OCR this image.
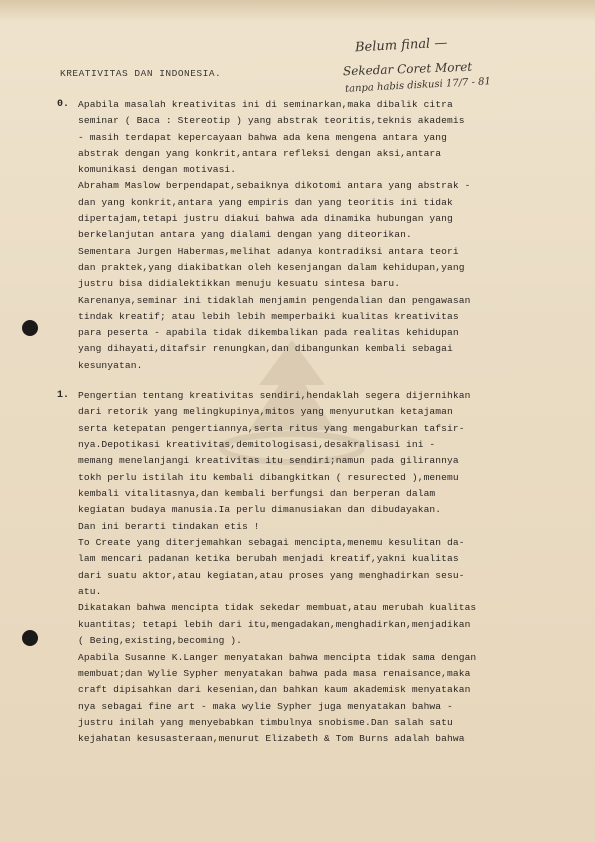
Belum final —
Sekedar Coret Moret
tanpa habis diskusi 17/7 - 81
KREATIVITAS DAN INDONESIA.
0. Apabila masalah kreativitas ini di seminarkan,maka dibalik citra
seminar ( Baca : Stereotip ) yang abstrak teoritis,teknis akademis
- masih terdapat kepercayaan bahwa ada kena mengena antara yang
abstrak dengan yang konkrit,antara refleksi dengan aksi,antara
komunikasi dengan motivasi.
Abraham Maslow berpendapat,sebaiknya dikotomi antara yang abstrak -
dan yang konkrit,antara yang empiris dan yang teoritis ini tidak
dipertajam,tetapi justru diakui bahwa ada dinamika hubungan yang
berkelanjutan antara yang dialami dengan yang diteorikan.
Sementara Jurgen Habermas,melihat adanya kontradiksi antara teori
dan praktek,yang diakibatkan oleh kesenjangan dalam kehidupan,yang
justru bisa didialektikkan menuju kesuatu sintesa baru.
Karenanya,seminar ini tidaklah menjamin pengendalian dan pengawasan
tindak kreatif; atau lebih lebih memperbaiki kualitas kreativitas
para peserta - apabila tidak dikembalikan pada realitas kehidupan
yang dihayati,ditafsir renungkan,dan dibangunkan kembali sebagai
kesunyatan.
1. Pengertian tentang kreativitas sendiri,hendaklah segera dijernihkan
dari retorik yang melingkupinya,mitos yang menyurutkan ketajaman
serta ketepatan pengertiannya,serta ritus yang mengaburkan tafsir-
nya.Depotikasi kreativitas,demitologisasi,desakralisasi ini -
memang menelanjangi kreativitas itu sendiri;namun pada gilirannya
tokh perlu istilah itu kembali dibangkitkan ( resurected ),menemu
kembali vitalitasnya,dan kembali berfungsi dan berperan dalam
kegiatan budaya manusia.Ia perlu dimanusiakan dan dibudayakan.
Dan ini berarti tindakan etis !
To Create yang diterjemahkan sebagai mencipta,menemu kesulitan da-
lam mencari padanan ketika berubah menjadi kreatif,yakni kualitas
dari suatu aktor,atau kegiatan,atau proses yang menghadirkan sesu-
atu.
Dikatakan bahwa mencipta tidak sekedar membuat,atau merubah kualitas
kuantitas; tetapi lebih dari itu,mengadakan,menghadirkan,menjadikan
( Being,existing,becoming ).
Apabila Susanne K.Langer menyatakan bahwa mencipta tidak sama dengan
membuat;dan Wylie Sypher menyatakan bahwa pada masa renaisance,maka
craft dipisahkan dari kesenian,dan bahkan kaum akademisk menyatakan
nya sebagai fine art - maka wylie Sypher juga menyatakan bahwa -
justru inilah yang menyebabkan timbulnya snobisme.Dan salah satu
kejahatan kesusasteraan,menurut Elizabeth & Tom Burns adalah bahwa
